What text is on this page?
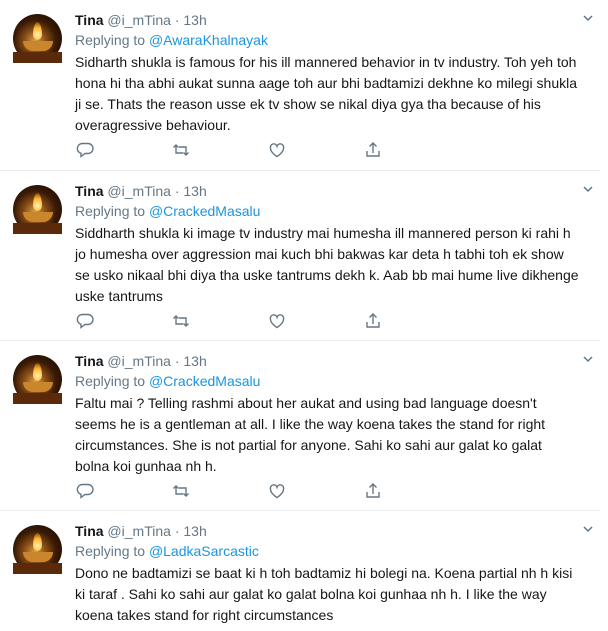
Tina @i_mTina · 13h
Replying to @AwaraKhalnayak
Sidharth shukla is famous for his ill mannered behavior in tv industry. Toh yeh toh hona hi tha abhi aukat sunna aage toh aur bhi badtamizi dekhne ko milegi shukla ji se. Thats the reason usse ek tv show se nikal diya gya tha because of his overagressive behaviour.
Tina @i_mTina · 13h
Replying to @CrackedMasalu
Siddharth shukla ki image tv industry mai humesha ill mannered person ki rahi h jo humesha over aggression mai kuch bhi bakwas kar deta h tabhi toh ek show se usko nikaal bhi diya tha uske tantrums dekh k. Aab bb mai hume live dikhenge uske tantrums
Tina @i_mTina · 13h
Replying to @CrackedMasalu
Faltu mai ? Telling rashmi about her aukat and using bad language doesn't seems he is a gentleman at all. I like the way koena takes the stand for right circumstances. She is not partial for anyone. Sahi ko sahi aur galat ko galat bolna koi gunhaa nh h.
Tina @i_mTina · 13h
Replying to @LadkaSarcastic
Dono ne badtamizi se baat ki h toh badtamiz hi bolegi na. Koena partial nh h kisi ki taraf . Sahi ko sahi aur galat ko galat bolna koi gunhaa nh h. I like the way koena takes stand for right circumstances
